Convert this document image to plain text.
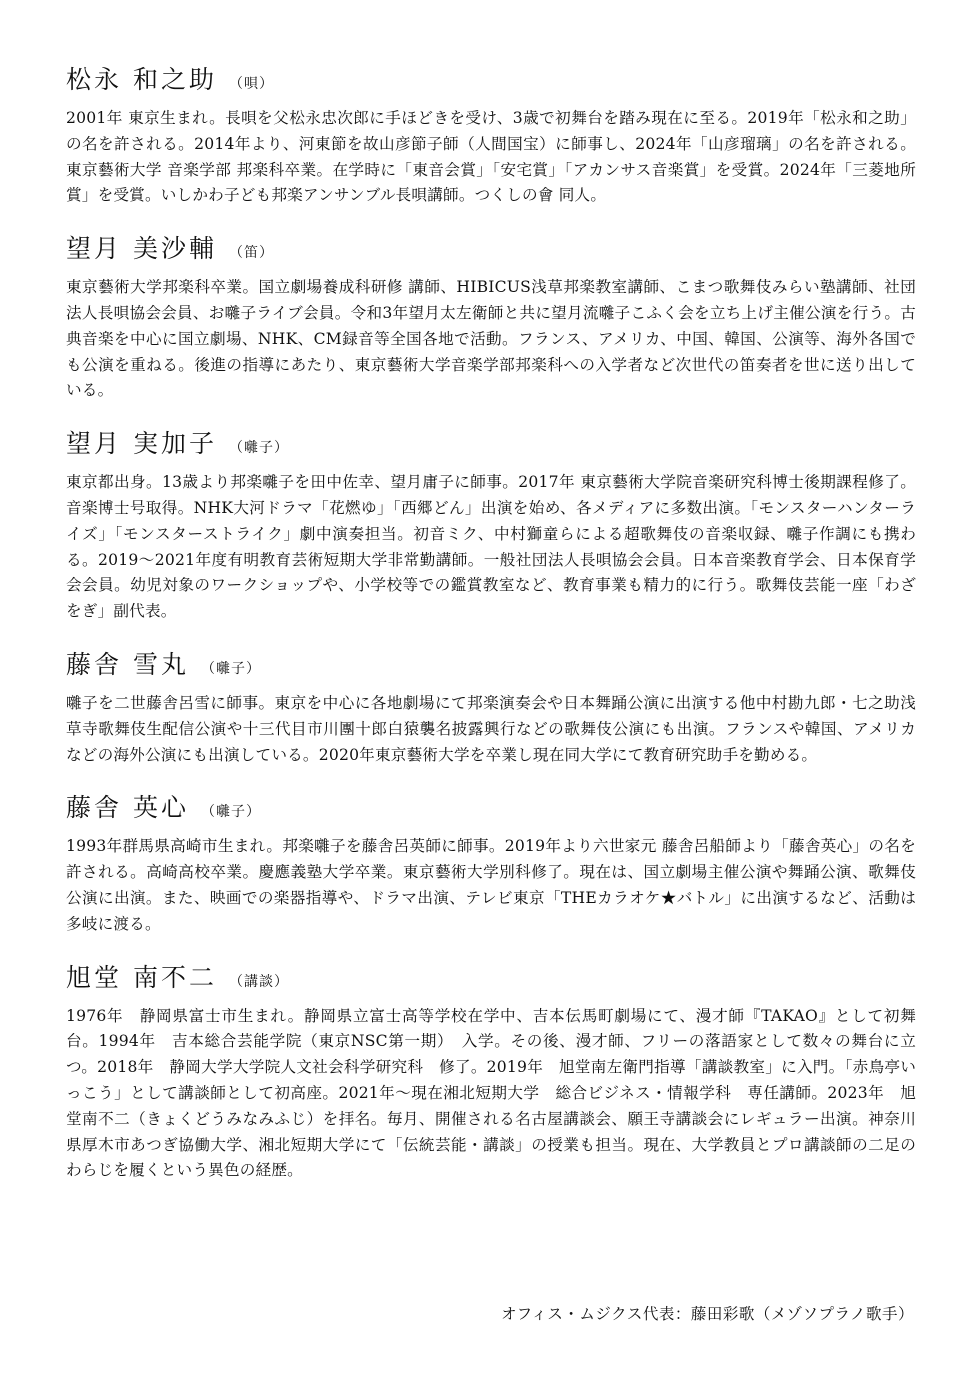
松永 和之助 （唄）

2001年 東京生まれ。長唄を父松永忠次郎に手ほどきを受け、3歳で初舞台を踏み現在に至る。2019年「松永和之助」の名を許される。2014年より、河東節を故山彦節子師（人間国宝）に師事し、2024年「山彦瑠璃」の名を許される。東京藝術大学 音楽学部 邦楽科卒業。在学時に「東音会賞」「安宅賞」「アカンサス音楽賞」を受賞。2024年「三菱地所賞」を受賞。いしかわ子ども邦楽アンサンブル長唄講師。つくしの會 同人。

望月 美沙輔 （笛）

東京藝術大学邦楽科卒業。国立劇場養成科研修 講師、HIBICUS浅草邦楽教室講師、こまつ歌舞伎みらい塾講師、社団法人長唄協会会員、お囃子ライブ会員。令和3年望月太左衛師と共に望月流囃子こふく会を立ち上げ主催公演を行う。古典音楽を中心に国立劇場、NHK、CM録音等全国各地で活動。フランス、アメリカ、中国、韓国、公演等、海外各国でも公演を重ねる。後進の指導にあたり、東京藝術大学音楽学部邦楽科への入学者など次世代の笛奏者を世に送り出している。

望月 実加子 （囃子）

東京都出身。13歳より邦楽囃子を田中佐幸、望月庸子に師事。2017年 東京藝術大学院音楽研究科博士後期課程修了。音楽博士号取得。NHK大河ドラマ「花燃ゆ」「西郷どん」出演を始め、各メディアに多数出演。「モンスターハンターライズ」「モンスターストライク」劇中演奏担当。初音ミク、中村獅童らによる超歌舞伎の音楽収録、囃子作調にも携わる。2019〜2021年度有明教育芸術短期大学非常勤講師。一般社団法人長唄協会会員。日本音楽教育学会、日本保育学会会員。幼児対象のワークショップや、小学校等での鑑賞教室など、教育事業も精力的に行う。歌舞伎芸能一座「わざをぎ」副代表。

藤舎 雪丸 （囃子）

囃子を二世藤舎呂雪に師事。東京を中心に各地劇場にて邦楽演奏会や日本舞踊公演に出演する他中村勘九郎・七之助浅草寺歌舞伎生配信公演や十三代目市川團十郎白猿襲名披露興行などの歌舞伎公演にも出演。フランスや韓国、アメリカなどの海外公演にも出演している。2020年東京藝術大学を卒業し現在同大学にて教育研究助手を勤める。

藤舎 英心 （囃子）

1993年群馬県高崎市生まれ。邦楽囃子を藤舎呂英師に師事。2019年より六世家元 藤舎呂船師より「藤舎英心」の名を許される。高崎高校卒業。慶應義塾大学卒業。東京藝術大学別科修了。現在は、国立劇場主催公演や舞踊公演、歌舞伎公演に出演。また、映画での楽器指導や、ドラマ出演、テレビ東京「THEカラオケ★バトル」に出演するなど、活動は多岐に渡る。

旭堂 南不二 （講談）

1976年　静岡県富士市生まれ。静岡県立富士高等学校在学中、吉本伝馬町劇場にて、漫才師『TAKAO』として初舞台。1994年　吉本総合芸能学院（東京NSC第一期）　入学。その後、漫才師、フリーの落語家として数々の舞台に立つ。2018年　静岡大学大学院人文社会科学研究科　修了。2019年　旭堂南左衛門指導「講談教室」に入門。「赤鳥亭いっこう」として講談師として初高座。2021年〜現在湘北短期大学　総合ビジネス・情報学科　専任講師。2023年　旭堂南不二（きょくどうみなみふじ）を拝名。毎月、開催される名古屋講談会、願王寺講談会にレギュラー出演。神奈川県厚木市あつぎ協働大学、湘北短期大学にて「伝統芸能・講談」の授業も担当。現在、大学教員とプロ講談師の二足のわらじを履くという異色の経歴。

オフィス・ムジクス代表：藤田彩歌（メゾソプラノ歌手）
